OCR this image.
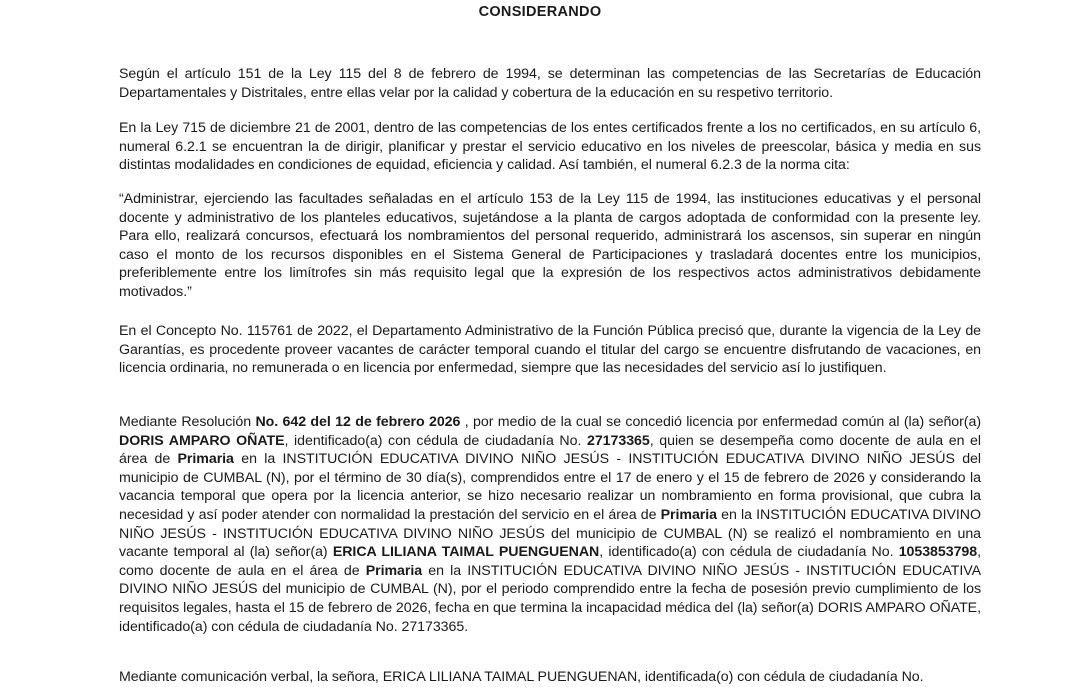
CONSIDERANDO

Según el artículo 151 de la Ley 115 del 8 de febrero de 1994, se determinan las competencias de las Secretarías de Educación Departamentales y Distritales, entre ellas velar por la calidad y cobertura de la educación en su respetivo territorio.

En la Ley 715 de diciembre 21 de 2001, dentro de las competencias de los entes certificados frente a los no certificados, en su artículo 6, numeral 6.2.1 se encuentran la de dirigir, planificar y prestar el servicio educativo en los niveles de preescolar, básica y media en sus distintas modalidades en condiciones de equidad, eficiencia y calidad. Así también, el numeral 6.2.3 de la norma cita:

“Administrar, ejerciendo las facultades señaladas en el artículo 153 de la Ley 115 de 1994, las instituciones educativas y el personal docente y administrativo de los planteles educativos, sujetándose a la planta de cargos adoptada de conformidad con la presente ley. Para ello, realizará concursos, efectuará los nombramientos del personal requerido, administrará los ascensos, sin superar en ningún caso el monto de los recursos disponibles en el Sistema General de Participaciones y trasladará docentes entre los municipios, preferiblemente entre los limítrofes sin más requisito legal que la expresión de los respectivos actos administrativos debidamente motivados.”

En el Concepto No. 115761 de 2022, el Departamento Administrativo de la Función Pública precisó que, durante la vigencia de la Ley de Garantías, es procedente proveer vacantes de carácter temporal cuando el titular del cargo se encuentre disfrutando de vacaciones, en licencia ordinaria, no remunerada o en licencia por enfermedad, siempre que las necesidades del servicio así lo justifiquen.

Mediante Resolución No. 642 del 12 de febrero 2026 , por medio de la cual se concedió licencia por enfermedad común al (la) señor(a) DORIS AMPARO OÑATE, identificado(a) con cédula de ciudadanía No. 27173365, quien se desempeña como docente de aula en el área de Primaria en la INSTITUCIÓN EDUCATIVA DIVINO NIÑO JESÚS - INSTITUCIÓN EDUCATIVA DIVINO NIÑO JESÚS del municipio de CUMBAL (N), por el término de 30 día(s), comprendidos entre el 17 de enero y el 15 de febrero de 2026 y considerando la vacancia temporal que opera por la licencia anterior, se hizo necesario realizar un nombramiento en forma provisional, que cubra la necesidad y así poder atender con normalidad la prestación del servicio en el área de Primaria en la INSTITUCIÓN EDUCATIVA DIVINO NIÑO JESÚS - INSTITUCIÓN EDUCATIVA DIVINO NIÑO JESÚS del municipio de CUMBAL (N) se realizó el nombramiento en una vacante temporal al (la) señor(a) ERICA LILIANA TAIMAL PUENGUENAN, identificado(a) con cédula de ciudadanía No. 1053853798, como docente de aula en el área de Primaria en la INSTITUCIÓN EDUCATIVA DIVINO NIÑO JESÚS - INSTITUCIÓN EDUCATIVA DIVINO NIÑO JESÚS del municipio de CUMBAL (N), por el periodo comprendido entre la fecha de posesión previo cumplimiento de los requisitos legales, hasta el 15 de febrero de 2026, fecha en que termina la incapacidad médica del (la) señor(a) DORIS AMPARO OÑATE, identificado(a) con cédula de ciudadanía No. 27173365.

Mediante comunicación verbal, la señora, ERICA LILIANA TAIMAL PUENGUENAN, identificada(o) con cédula de ciudadanía No.
